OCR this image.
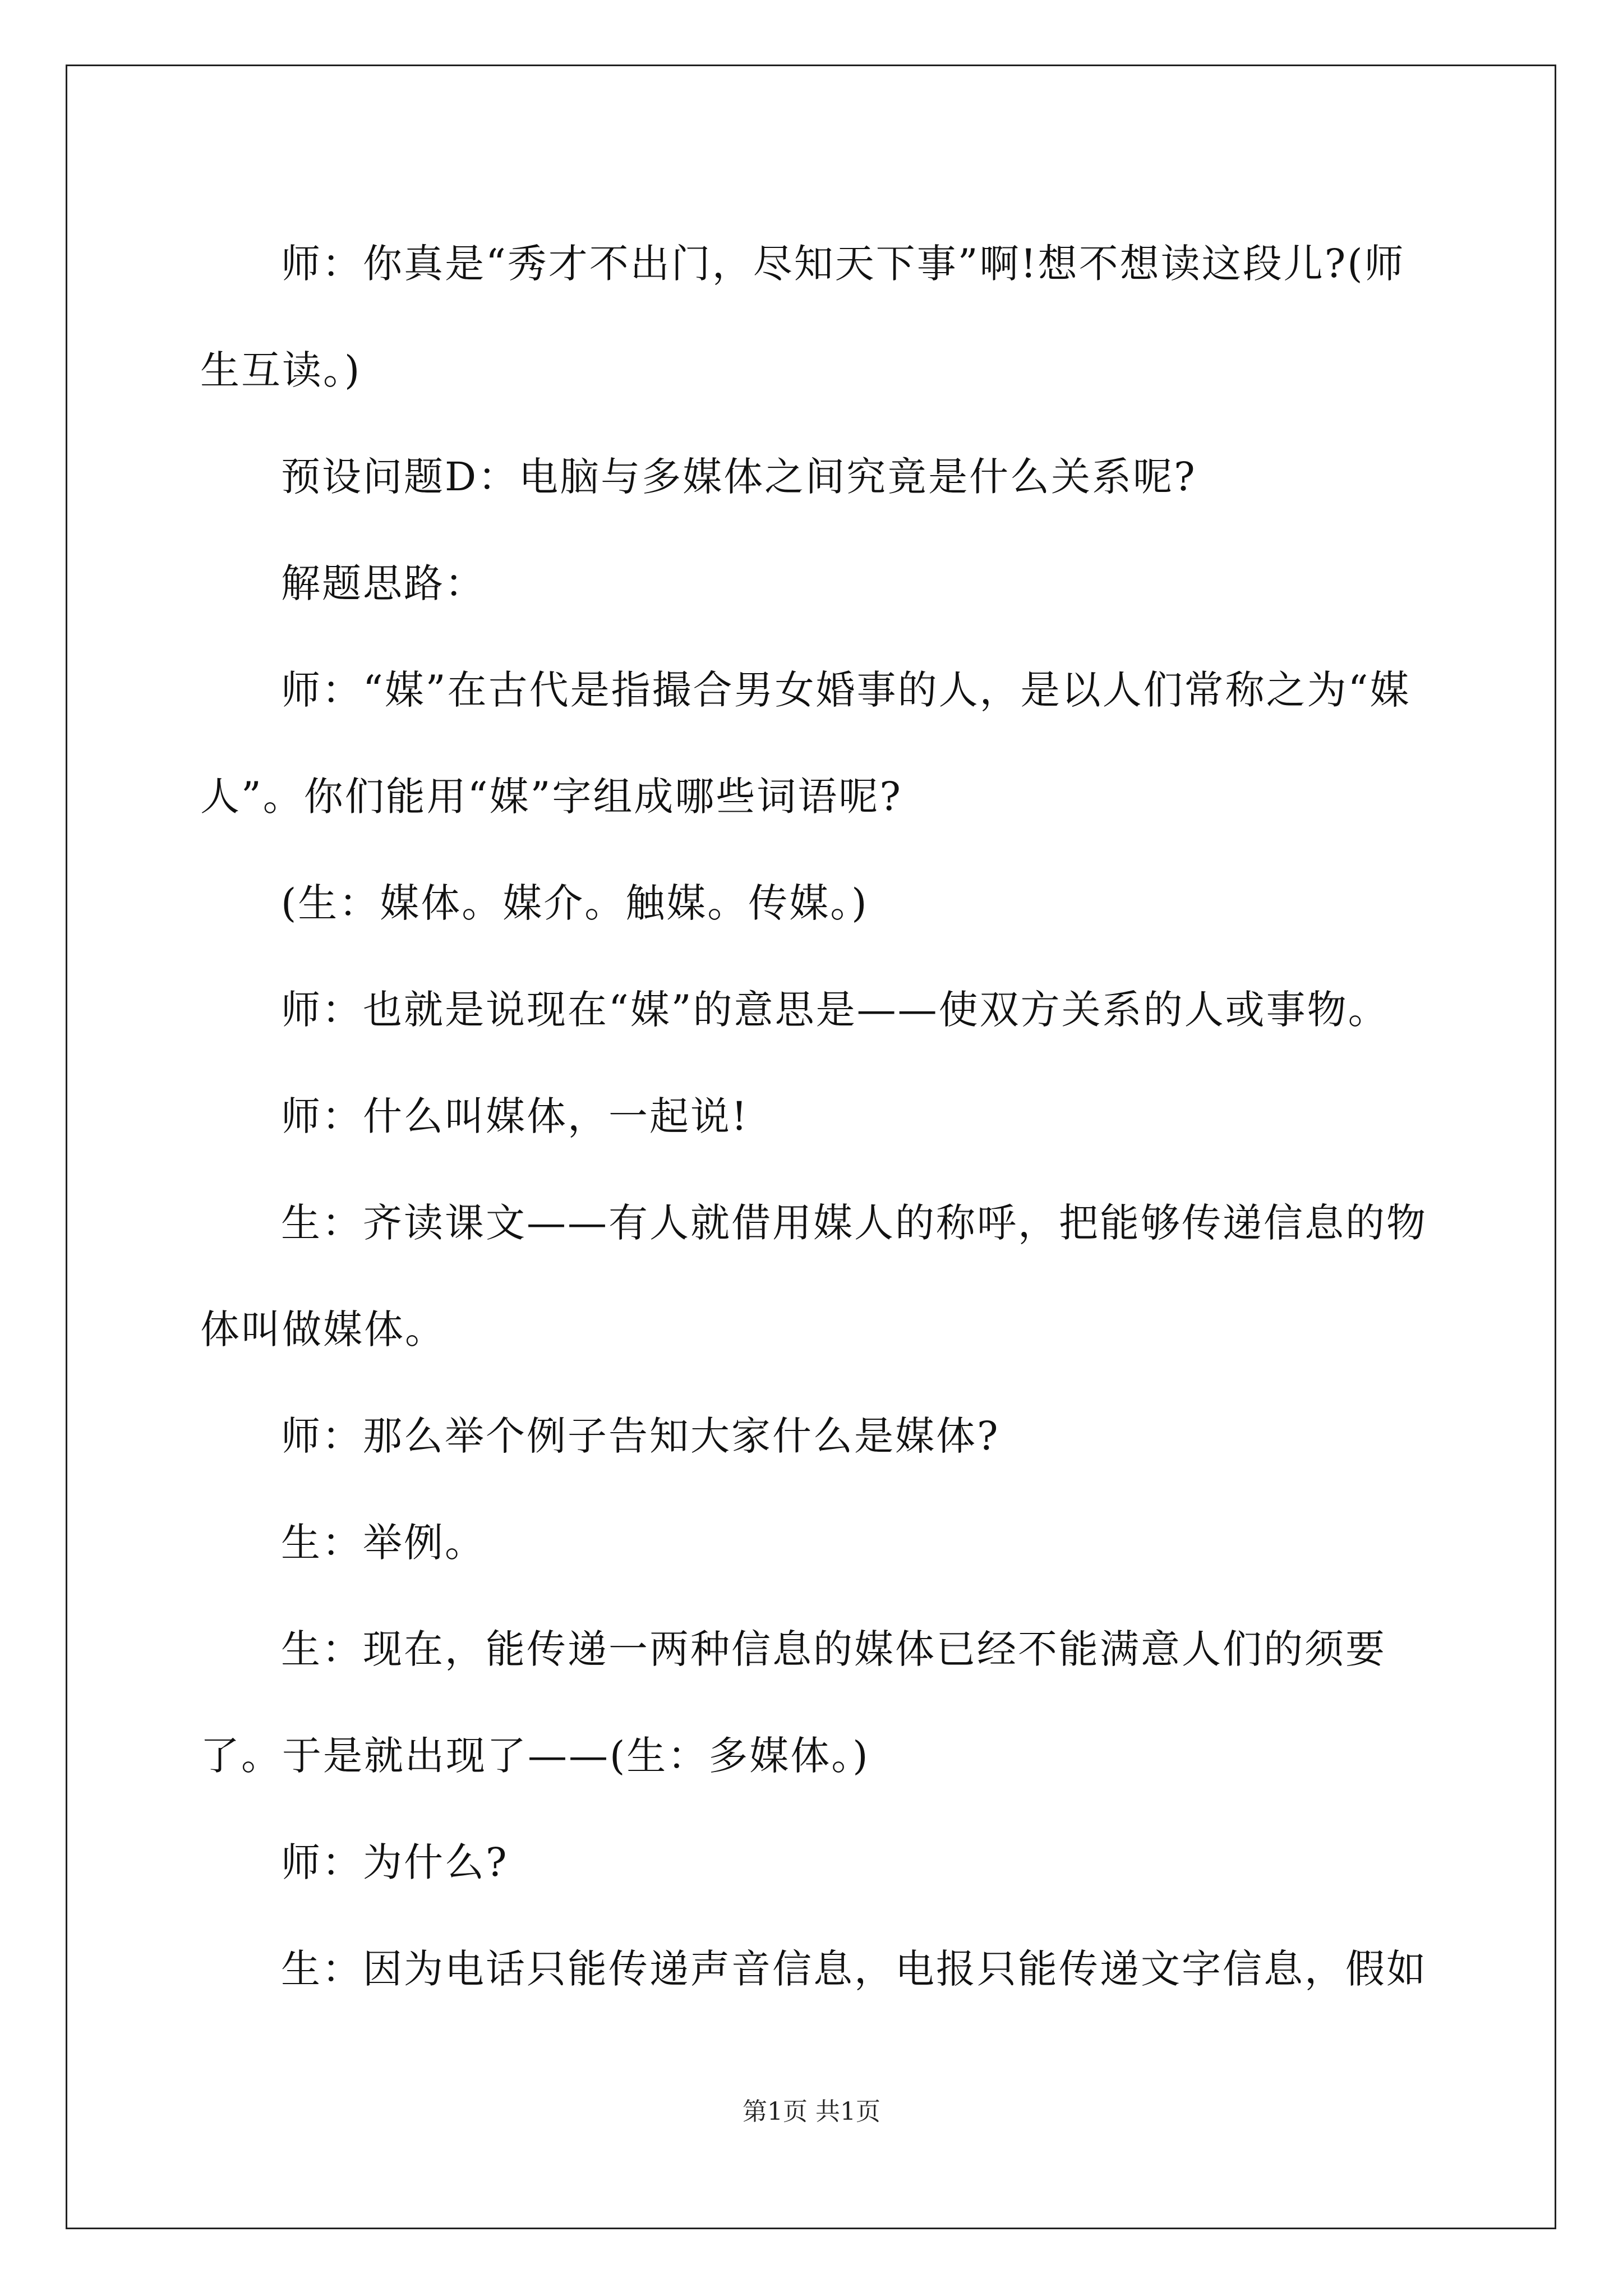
师：你真是“秀才不出门，尽知天下事”啊!想不想读这段儿?(师生互读。)

预设问题D：电脑与多媒体之间究竟是什么关系呢?

解题思路：

师：“媒”在古代是指撮合男女婚事的人，是以人们常称之为“媒人”。你们能用“媒”字组成哪些词语呢?

(生：媒体。媒介。触媒。传媒。)

师：也就是说现在“媒”的意思是——使双方关系的人或事物。

师：什么叫媒体，一起说!

生：齐读课文——有人就借用媒人的称呼，把能够传递信息的物体叫做媒体。

师：那么举个例子告知大家什么是媒体?

生：举例。

生：现在，能传递一两种信息的媒体已经不能满意人们的须要了。于是就出现了——(生：多媒体。)

师：为什么?

生：因为电话只能传递声音信息，电报只能传递文字信息，假如

第1页 共1页
